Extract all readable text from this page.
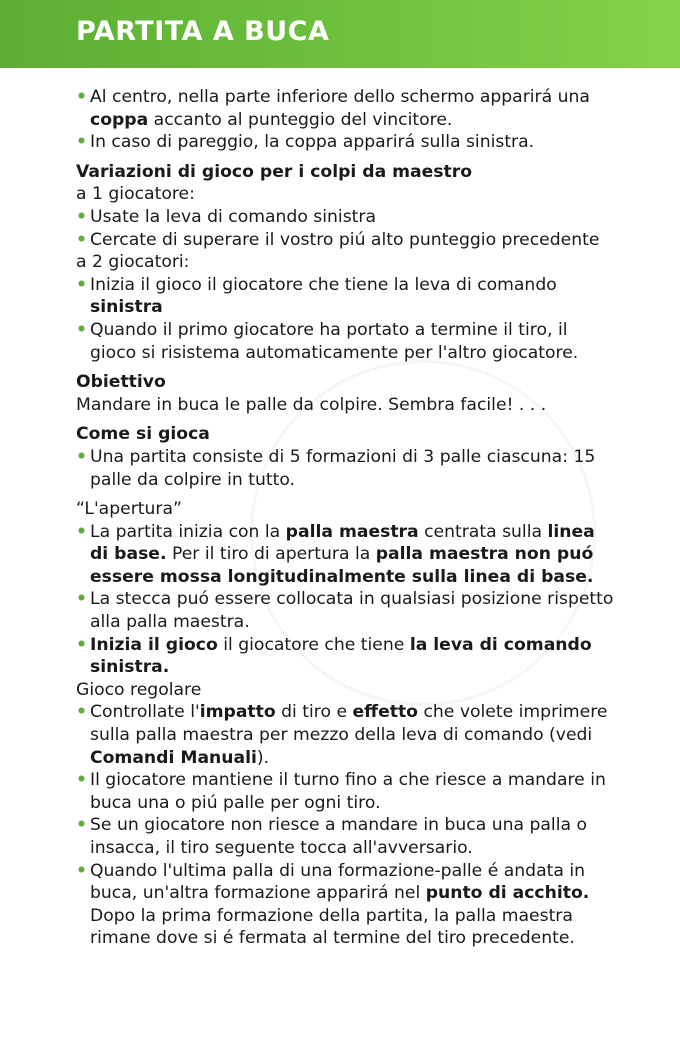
PARTITA A BUCA
• Al centro, nella parte inferiore dello schermo apparirá una coppa accanto al punteggio del vincitore.
• In caso di pareggio, la coppa apparirá sulla sinistra.
Variazioni di gioco per i colpi da maestro
a 1 giocatore:
• Usate la leva di comando sinistra
• Cercate di superare il vostro piú alto punteggio precedente
a 2 giocatori:
• Inizia il gioco il giocatore che tiene la leva di comando sinistra
• Quando il primo giocatore ha portato a termine il tiro, il gioco si risistema automaticamente per l'altro giocatore.
Obiettivo
Mandare in buca le palle da colpire. Sembra facile! . . .
Come si gioca
• Una partita consiste di 5 formazioni di 3 palle ciascuna: 15 palle da colpire in tutto.
“L'apertura”
• La partita inizia con la palla maestra centrata sulla linea di base. Per il tiro di apertura la palla maestra non puó essere mossa longitudinalmente sulla linea di base.
• La stecca puó essere collocata in qualsiasi posizione rispetto alla palla maestra.
• Inizia il gioco il giocatore che tiene la leva di comando sinistra.
Gioco regolare
• Controllate l'impatto di tiro e effetto che volete imprimere sulla palla maestra per mezzo della leva di comando (vedi Comandi Manuali).
• Il giocatore mantiene il turno fino a che riesce a mandare in buca una o piú palle per ogni tiro.
• Se un giocatore non riesce a mandare in buca una palla o insacca, il tiro seguente tocca all'avversario.
• Quando l'ultima palla di una formazione-palle é andata in buca, un'altra formazione apparirá nel punto di acchito. Dopo la prima formazione della partita, la palla maestra rimane dove si é fermata al termine del tiro precedente.
